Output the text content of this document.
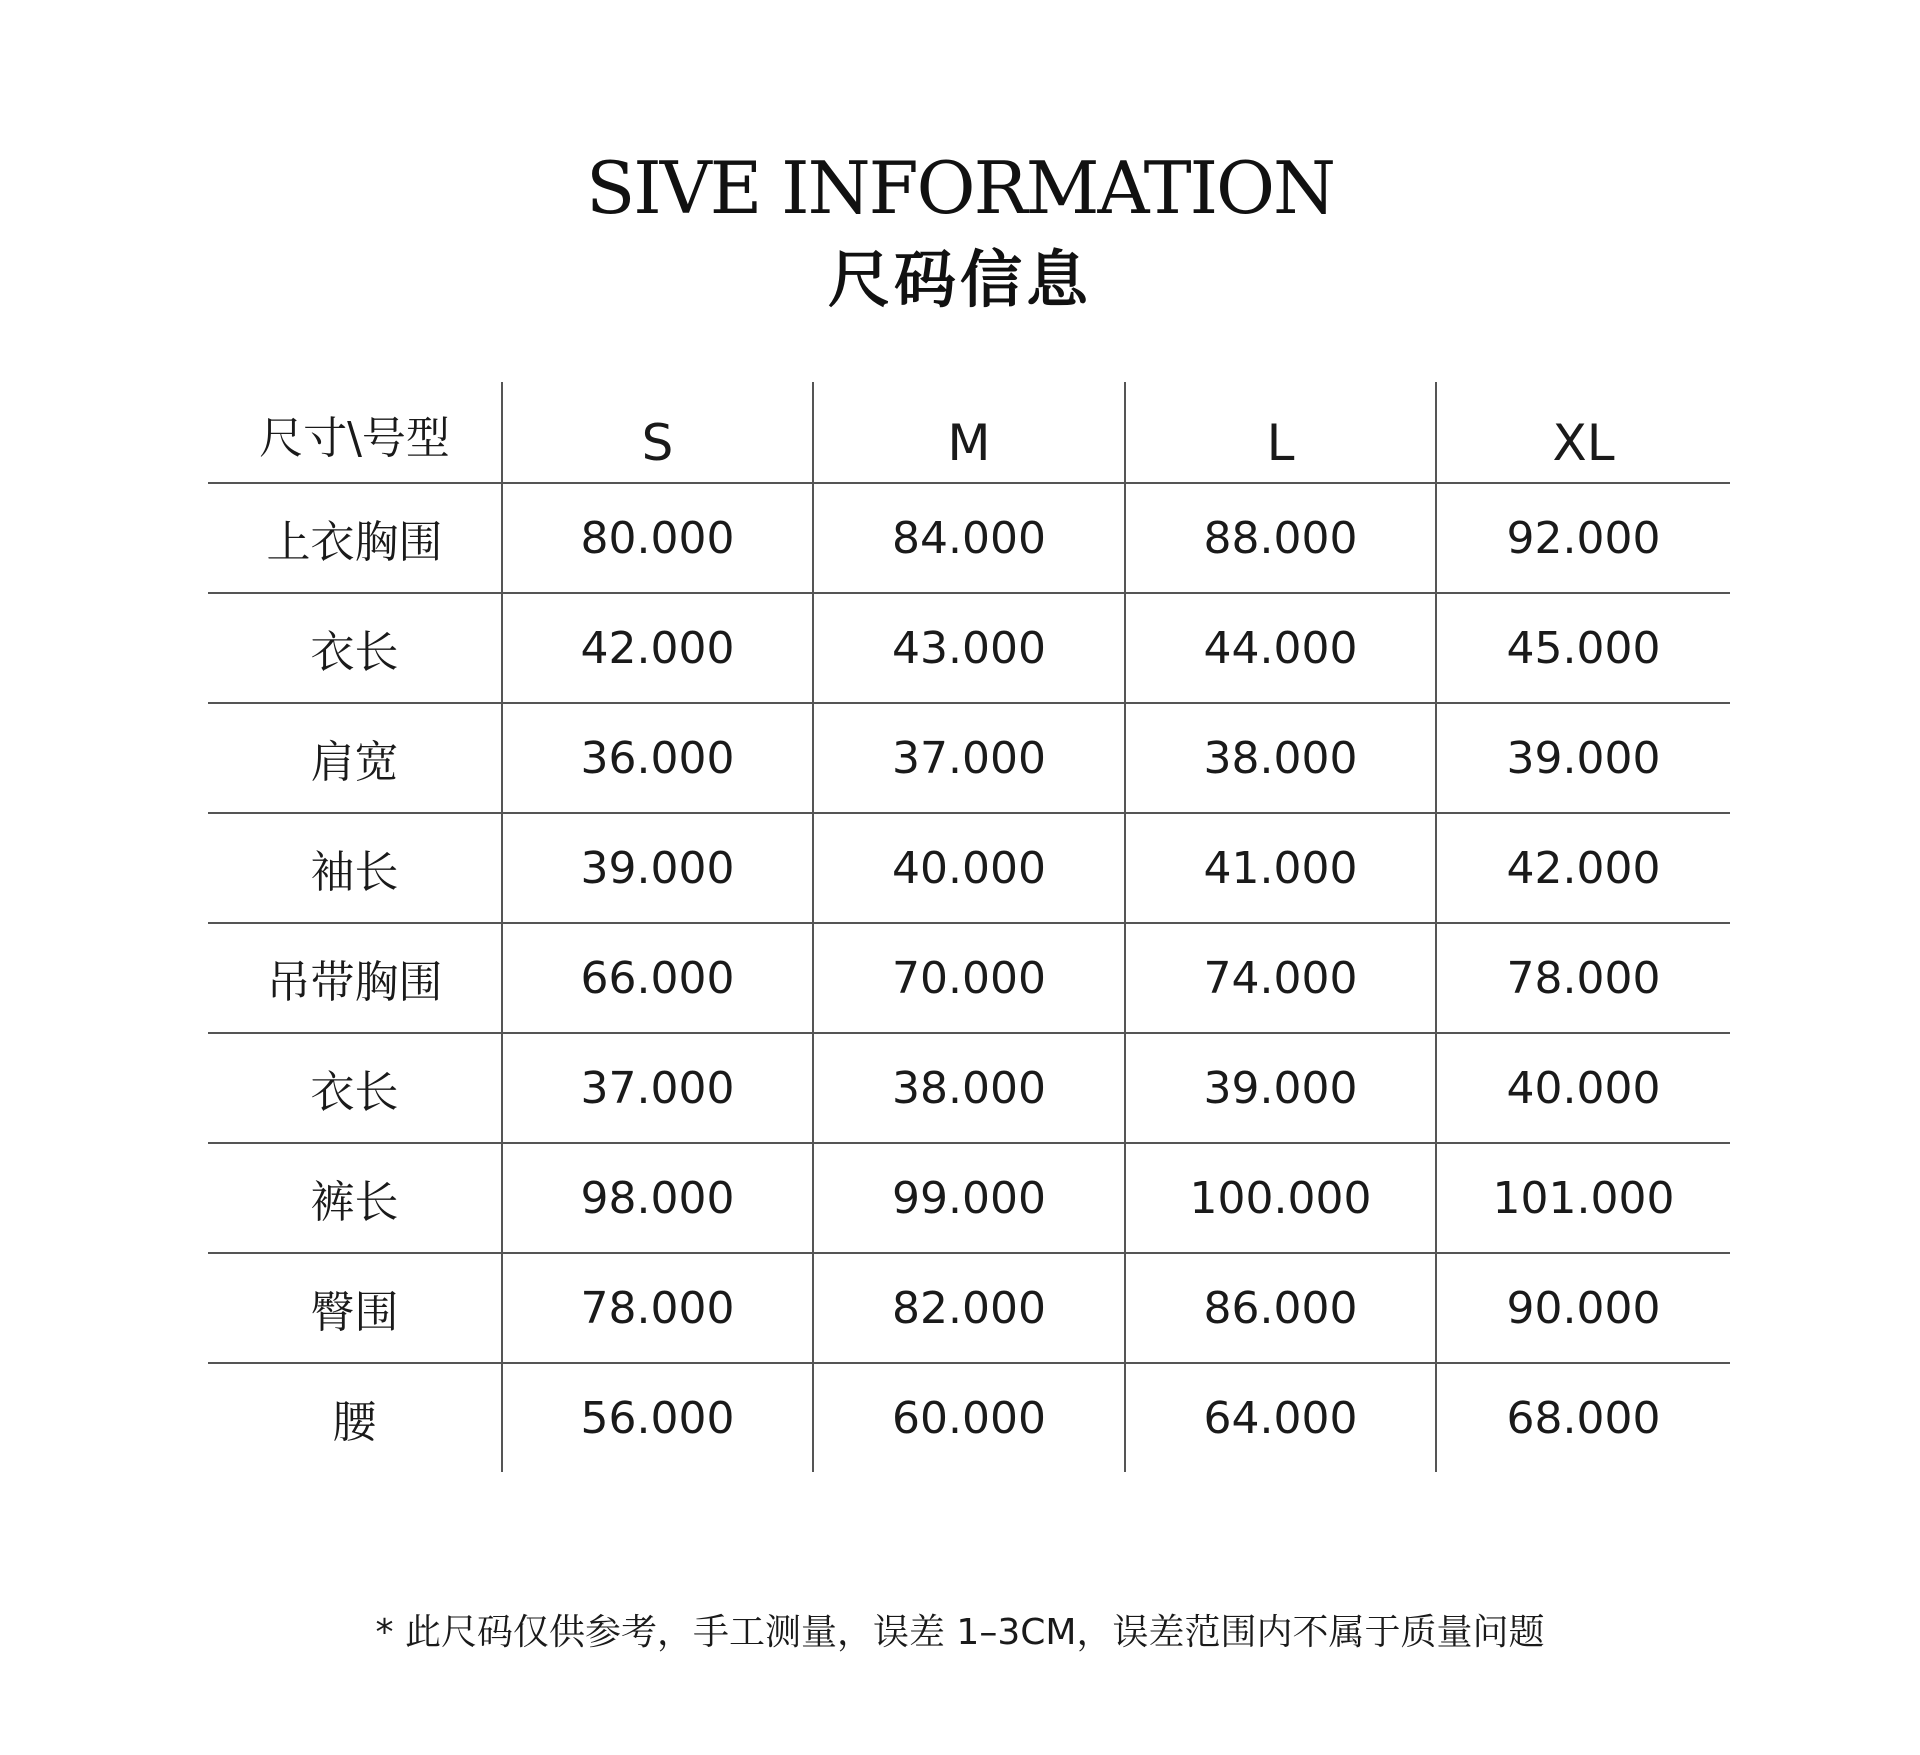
SIVE INFORMATION
尺码信息
尺寸\号型	S	M	L	XL
上衣胸围	80.000	84.000	88.000	92.000
衣长	42.000	43.000	44.000	45.000
肩宽	36.000	37.000	38.000	39.000
袖长	39.000	40.000	41.000	42.000
吊带胸围	66.000	70.000	74.000	78.000
衣长	37.000	38.000	39.000	40.000
裤长	98.000	99.000	100.000	101.000
臀围	78.000	82.000	86.000	90.000
腰	56.000	60.000	64.000	68.000
* 此尺码仅供参考，手工测量，误差 1–3CM，误差范围内不属于质量问题
